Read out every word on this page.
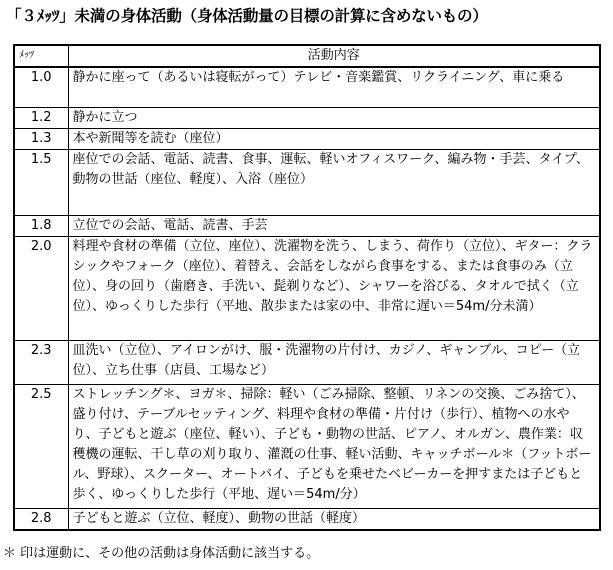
「３ﾒｯﾂ」未満の身体活動（身体活動量の目標の計算に含めないもの）
ﾒｯﾂ	活動内容
1.0	静かに座って（あるいは寝転がって）テレビ・音楽鑑賞、リクライニング、車に乗る
1.2	静かに立つ
1.3	本や新聞等を読む（座位）
1.5	座位での会話、電話、読書、食事、運転、軽いオフィスワーク、編み物・手芸、タイプ、動物の世話（座位、軽度）、入浴（座位）
1.8	立位での会話、電話、読書、手芸
2.0	料理や食材の準備（立位、座位）、洗濯物を洗う、しまう、荷作り（立位）、ギター：クラシックやフォーク（座位）、着替え、会話をしながら食事をする、または食事のみ（立位）、身の回り（歯磨き、手洗い、髭剃りなど）、シャワーを浴びる、タオルで拭く（立位）、ゆっくりした歩行（平地、散歩または家の中、非常に遅い＝54m/分未満）
2.3	皿洗い（立位）、アイロンがけ、服・洗濯物の片付け、カジノ、ギャンブル、コピー（立位）、立ち仕事（店員、工場など）
2.5	ストレッチング＊、ヨガ＊、掃除：軽い（ごみ掃除、整頓、リネンの交換、ごみ捨て）、盛り付け、テーブルセッティング、料理や食材の準備・片付け（歩行）、植物への水やり、子どもと遊ぶ（座位、軽い）、子ども・動物の世話、ピアノ、オルガン、農作業：収穫機の運転、干し草の刈り取り、灌漑の仕事、軽い活動、キャッチボール＊（フットボール、野球）、スクーター、オートバイ、子どもを乗せたベビーカーを押すまたは子どもと歩く、ゆっくりした歩行（平地、遅い＝54m/分）
2.8	子どもと遊ぶ（立位、軽度）、動物の世話（軽度）
＊ 印は運動に、その他の活動は身体活動に該当する。
